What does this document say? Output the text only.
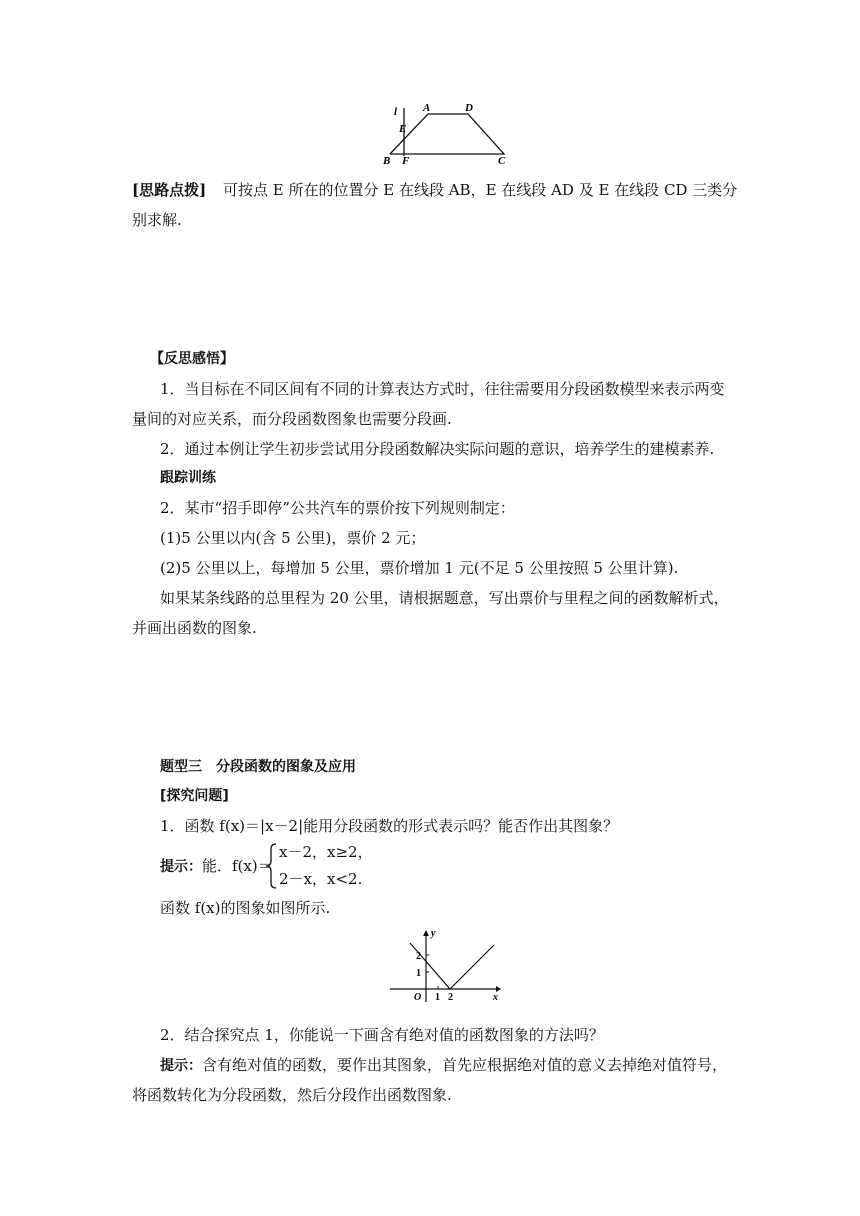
l A	D
E
B F	C
[思路点拨] 可按点 E 所在的位置分 E 在线段 AB，E 在线段 AD 及 E 在线段 CD 三类分
别求解.
【反思感悟】
1．当目标在不同区间有不同的计算表达方式时，往往需要用分段函数模型来表示两变
量间的对应关系，而分段函数图象也需要分段画.
2．通过本例让学生初步尝试用分段函数解决实际问题的意识，培养学生的建模素养.
跟踪训练
2．某市“招手即停”公共汽车的票价按下列规则制定：
(1)5 公里以内(含 5 公里)，票价 2 元；
(2)5 公里以上，每增加 5 公里，票价增加 1 元(不足 5 公里按照 5 公里计算).
如果某条线路的总里程为 20 公里，请根据题意，写出票价与里程之间的函数解析式，
并画出函数的图象.
题型三　分段函数的图象及应用
[探究问题]
1．函数 f(x)＝|x－2|能用分段函数的形式表示吗？能否作出其图象？
提示：能．f(x)＝
x－2，x≥2，
2－x，x<2.
函数 f(x)的图象如图所示.
y
x
O
2
1
1 2
2．结合探究点 1，你能说一下画含有绝对值的函数图象的方法吗？
提示：含有绝对值的函数，要作出其图象，首先应根据绝对值的意义去掉绝对值符号，
将函数转化为分段函数，然后分段作出函数图象.
